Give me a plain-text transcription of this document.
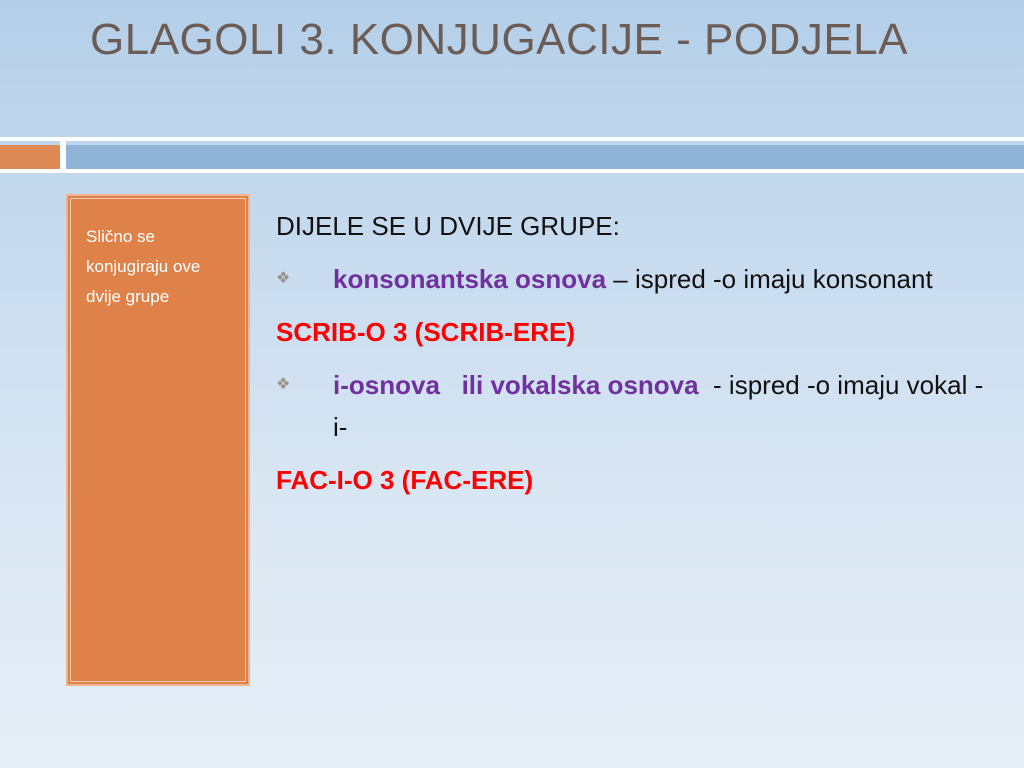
GLAGOLI 3. KONJUGACIJE - PODJELA
Slično se konjugiraju ove dvije grupe
DIJELE SE U DVIJE GRUPE:
❖ konsonantska osnova – ispred -o imaju konsonant
SCRIB-O 3 (SCRIB-ERE)
❖ i-osnova   ili vokalska osnova  - ispred -o imaju vokal -i-
FAC-I-O 3 (FAC-ERE)
